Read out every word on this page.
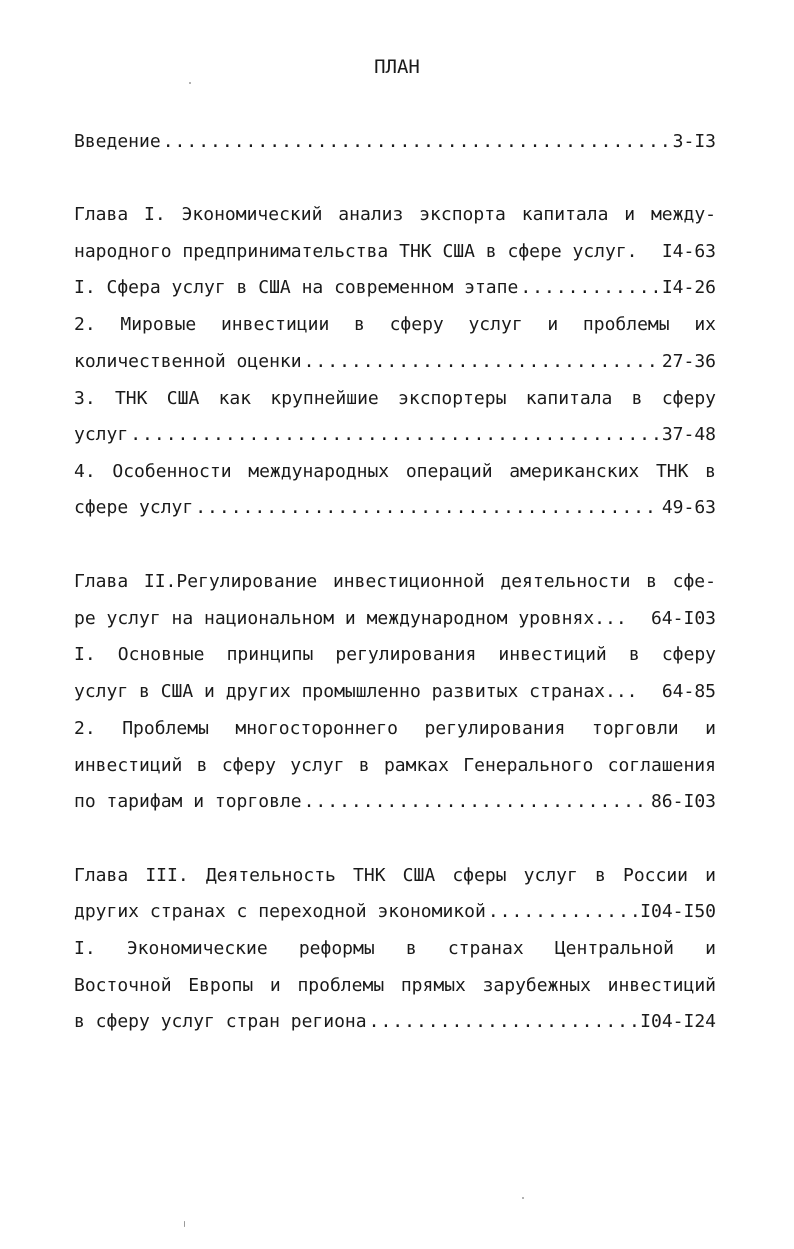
ПЛАН
Введение .....	3-I3
Глава I. Экономический анализ экспорта капитала и между-
народного предпринимательства ТНК США в сфере услуг. I4-63
I. Сфера услуг в США на современном этапе .....	I4-26
2. Мировые инвестиции в сферу услуг и проблемы их
количественной оценки .....	27-36
3. ТНК США как крупнейшие экспортеры капитала в сферу
услуг .....	37-48
4. Особенности международных операций американских ТНК в
сфере услуг .....	49-63
Глава II.Регулирование инвестиционной деятельности в сфе-
ре услуг на национальном и международном уровнях... 64-I03
I. Основные принципы регулирования инвестиций в сферу
услуг в США и других промышленно развитых странах... 64-85
2. Проблемы многостороннего регулирования торговли и
инвестиций в сферу услуг в рамках Генерального соглашения
по тарифам и торговле .....	86-I03
Глава III. Деятельность ТНК США сферы услуг в России и
других странах с переходной экономикой .....	I04-I50
I. Экономические реформы в странах Центральной и
Восточной Европы и проблемы прямых зарубежных инвестиций
в сферу услуг стран региона .....	I04-I24
